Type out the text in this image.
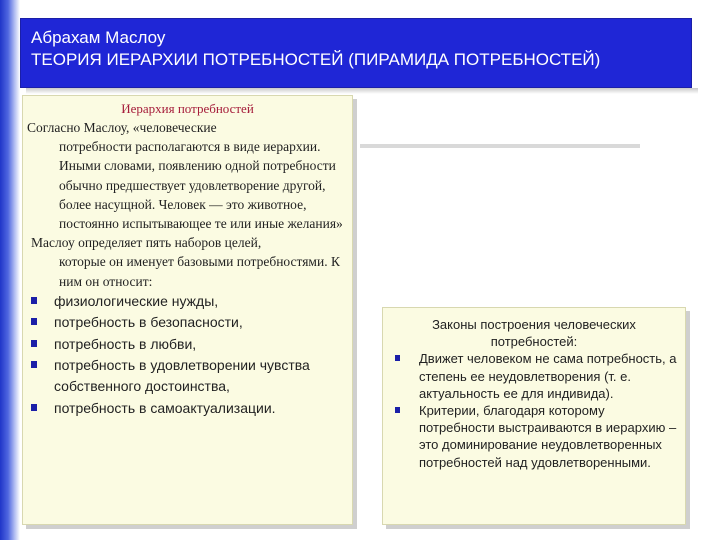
Абрахам Маслоу
ТЕОРИЯ ИЕРАРХИИ ПОТРЕБНОСТЕЙ (ПИРАМИДА ПОТРЕБНОСТЕЙ)
Иерархия потребностей
Согласно Маслоу, «человеческие
потребности располагаются в виде иерархии. Иными словами, появлению одной потребности обычно предшествует удовлетворение другой, более насущной. Человек — это животное, постоянно испытывающее те или иные желания»
Маслоу определяет пять наборов целей,
которые он именует базовыми потребностями. К ним он относит:
физиологические нужды,
потребность в безопасности,
потребность в любви,
потребность в удовлетворении чувства собственного достоинства,
потребность в самоактуализации.
Законы построения человеческих потребностей:
Движет человеком не сама потребность, а степень ее неудовлетворения (т. е. актуальность ее для индивида).
Критерии, благодаря которому потребности выстраиваются в иерархию – это доминирование неудовлетворенных потребностей над удовлетворенными.
